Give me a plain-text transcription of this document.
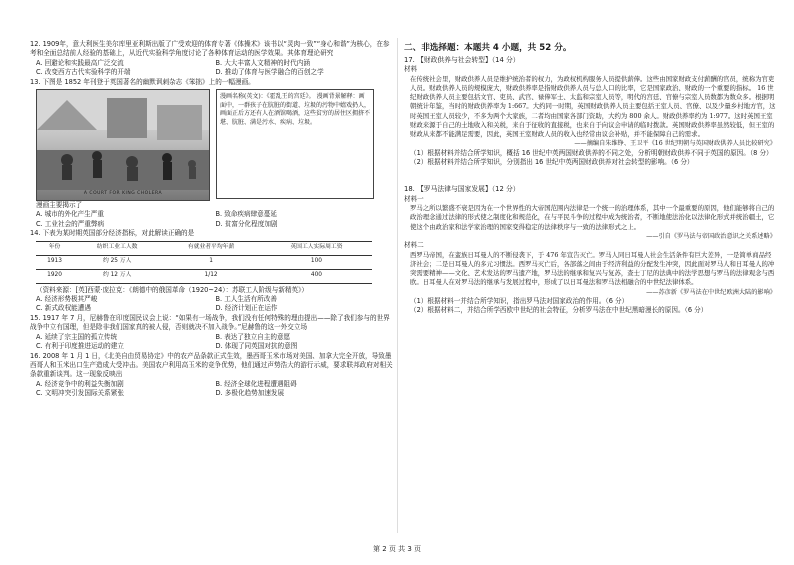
12. 1909年，意大利医生美尔库里亚利斯出版了广受欢迎的体育专著《体操术》该书以“灵肉一致”“身心和谐”为核心，在参考和全面总结前人经验的基础上，从近代实验科学角度讨论了各种体育运动的医学效果。其体育理论研究

A. 回避论和实践最高广泛交流	B. 大大丰富人文精神的时代内涵
C. 改变西方古代实验科学的开端	D. 推动了体育与医学融合的百创之学

13. 下图是 1852 年刊登于英国著名的幽默讽刺杂志《笨拙》上的一幅漫画。

A COURT FOR KING CHOLERA
漫画名称(英文)：《霍乱王的宫廷》。 漫画背景解释：画面中，一群孩子在肮脏的街道、垃圾的污物中嬉戏扔人，画面正后方还有人在酒馆喝酒，这些贫穷的居住区拥挤不堪、肮脏、满是污水、疾病、垃圾。

漫画主要揭示了

A. 城市的外化产生严重	B. 致命疾病肆意蔓延
C. 工业社会的严重弊病	D. 贫富分化程度加剧

14. 下表为某时期英国部分经济指标，对此解读正确的是

年份	纺织工业工人数	有就业者平均年薪	英国工人实际周工资
1913	约 25 万人	1	100
1920	约 12 万人	1/12	400

（资料来源：[英]西蒙·庞拉克：《朗德中的俄国革命（1920~24）：苏联工人阶级与新精英》）

A. 经济形势极其严峻	B. 工人生活有所改善
C. 新式政权能遭遇	D. 经济计划正在运作

15. 1917 年 7 月，尼赫鲁在印度国民议会上说：“如果有一场战争，我们没有任何特殊的理由提出——除了我们参与的世界战争中立有国理，但是除非我们国家真的被人侵，否则就决不加入战争。”尼赫鲁的这一外交立场

A. 延续了宗主国的孤立传统	B. 表达了独立自主的意愿
C. 有利于印度推进运动的建立	D. 体现了同英国对抗的意图

16. 2008 年 1 月 1 日，《北美自由贸易协定》中的农产品条款正式生效，墨西哥玉米市场对美国、加拿大完全开放，导致墨西哥人和玉米出口生产造成大受冲击。美国农户利用高玉米的竞争优势，他们通过声势浩大的游行示威，要求联邦政府对相关条款重新谈判。这一现象反映出

A. 经济竞争中的利益失衡加剧	B. 经济全球化进程遭遇阻碍
C. 文明冲突引发国际关系紧张	D. 多极化趋势加速发展
二、非选择题：本题共 4 小题，共 52 分。

17. 【财政供养与社会转型】（14 分）

材料

在传统社会里，财政供养人员是维护统治者的权力，为政权机构服务人员提供薪俸。这些由国家财政支付薪酬的官员，统称为官吏人员。财政供养人员的规模庞大，财政供养率是指财政供养人员与总人口的比率，它是国家政治、财政的一个重要的指标。 16 世纪财政供养人员主要包括文官、吏员、武官、禄俸军士、太监和宗室人员等，明代的宫廷、官僚与宗室人员数都为数众多。根据明朝统计年鉴，当时的财政供养率为 1:667。大约同一时期，英国财政供养人员主要包括王室人员、官僚、以及少量乡村地方官，这时英国王室人员较少，不多为两个大家族，二者均由国家各部门资助，大约为 800 余人。财政供养率约为 1:977。这时英国王室财政来源于自己的土地收入和关税，来自于征收的直接税，也来自于向议会申请的临时拨款。英国财政供养率虽然较低，但王室的财政从来都不能满足需要，因此，英国王室财政人员的收入也经常由议会补贴，并不能保障自己的需求。

——摘编自朱维铮、王卫平《16 世纪明朝与英国财政供养人员比较研究》

（1）根据材料并结合所学知识，概括 16 世纪中英两国财政供养的不同之处，分析明朝财政供养不同于英国的原因。（8 分）

（2）根据材料并结合所学知识，分别指出 16 世纪中英两国财政供养对社会转型的影响。（6 分）

18. 【罗马法律与国家发展】（12 分）

材料一

罗马之所以繁盛不衰是因为在一个世界性的大帝国范围内法律是一个统一的治理体系，其中一个最重要的原因，他们能够将自己的政治理念通过法律的形式使之制度化和规范化，在与平民斗争的过程中成为统治者，不断地使法治化以法律化形式并统治疆土，它使这个由政治家和法学家治理的国家变得稳定的法律秩序与一致的法律形式之上。

——引自《罗马法与帝国政治意识之关系述略》

材料二

西罗马帝国，在蛮族日耳曼人的不断侵袭下，于 476 年宣告灭亡。罗马人同日耳曼人社会生活条件有巨大差异，一是简单商品经济社会；二是日耳曼人的多元习惯法。西罗马灭亡后，各部落之间由于经济利益的分配发生冲突，因此面对罗马人和日耳曼人的冲突需要精神——文化、艺术发达的罗马遗产地，罗马法的继承和复兴与复苏，查士丁尼的法典中的法学思想与罗马的法律观念与西欧。日耳曼人在对罗马法的继承与发展过程中，形成了以日耳曼法和罗马法相融合的中世纪法律体系。

——苏彦新《罗马法在中世纪欧洲大陆的影响》

（1）根据材料一并结合所学知识，指出罗马法对国家政治的作用。（6 分）

（2）根据材料二，并结合所学西欧中世纪的社会特征，分析罗马法在中世纪黑暗漫长的原因。（6 分）

第 2 页 共 3 页
